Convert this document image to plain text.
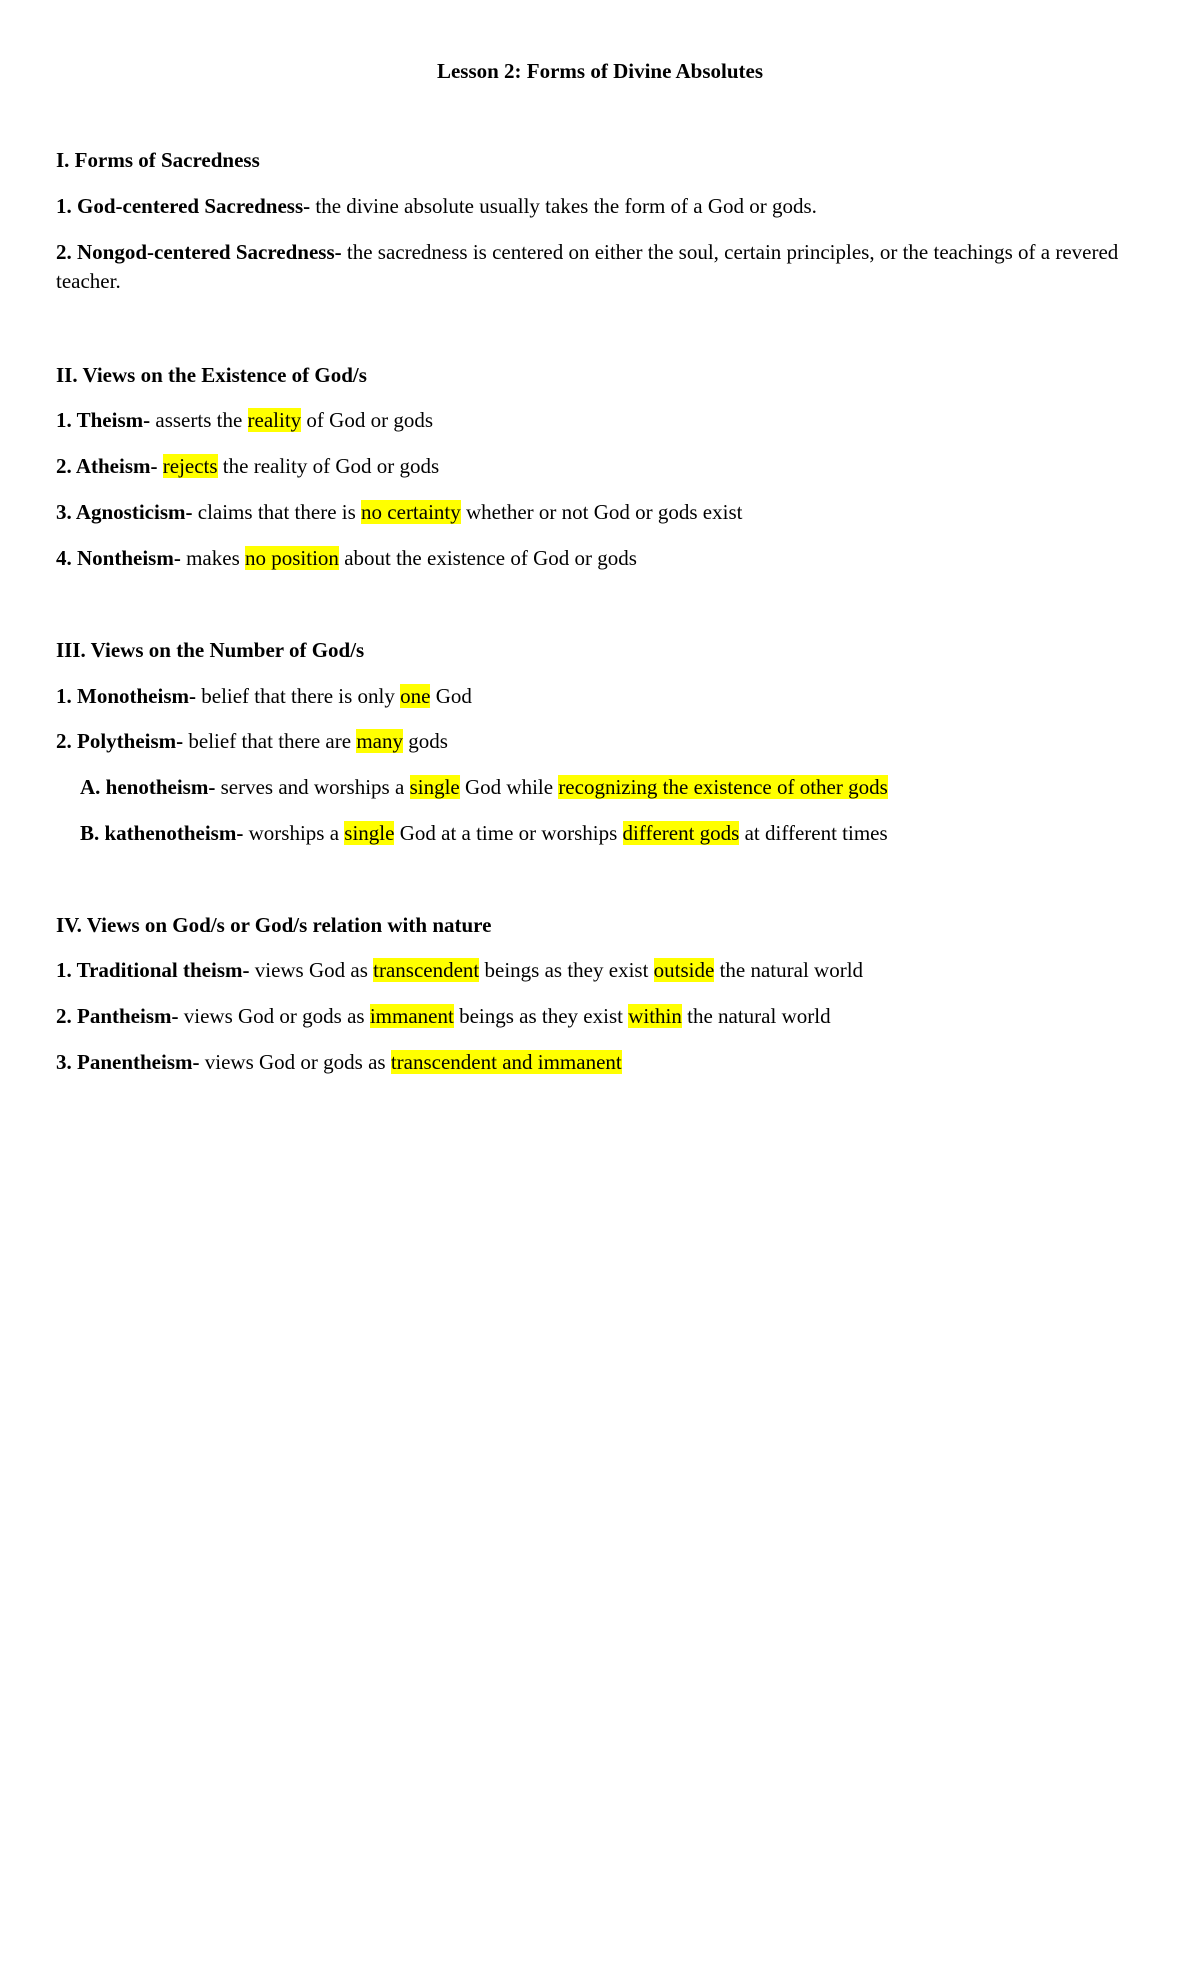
Lesson 2: Forms of Divine Absolutes
I. Forms of Sacredness
1. God-centered Sacredness- the divine absolute usually takes the form of a God or gods.
2. Nongod-centered Sacredness- the sacredness is centered on either the soul, certain principles, or the teachings of a revered teacher.
II. Views on the Existence of God/s
1. Theism- asserts the reality of God or gods
2. Atheism- rejects the reality of God or gods
3. Agnosticism- claims that there is no certainty whether or not God or gods exist
4. Nontheism- makes no position about the existence of God or gods
III. Views on the Number of God/s
1. Monotheism- belief that there is only one God
2. Polytheism- belief that there are many gods
A. henotheism- serves and worships a single God while recognizing the existence of other gods
B. kathenotheism- worships a single God at a time or worships different gods at different times
IV. Views on God/s or God/s relation with nature
1. Traditional theism- views God as transcendent beings as they exist outside the natural world
2. Pantheism- views God or gods as immanent beings as they exist within the natural world
3. Panentheism- views God or gods as transcendent and immanent
